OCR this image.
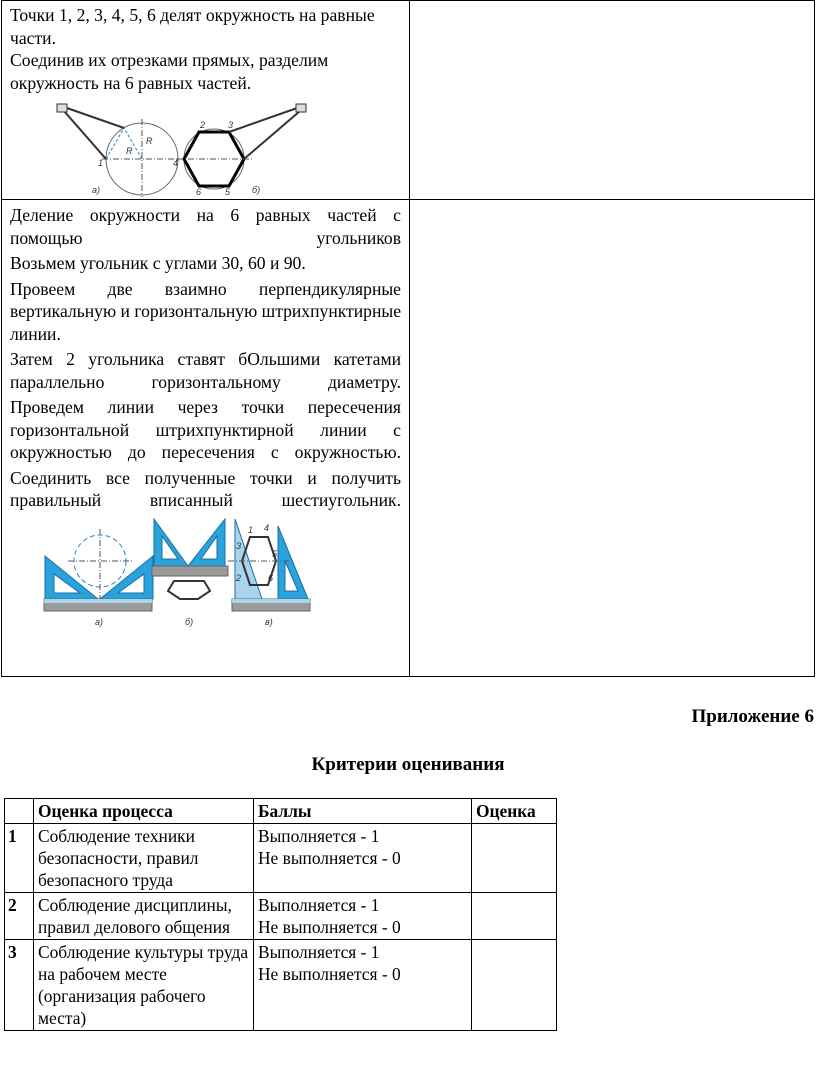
Точки 1, 2, 3, 4, 5, 6 делят окружность на равные части.

Соединив их отрезками прямых, разделим окружность на 6 равных частей.

1	4
R
R
а)
2	3
6	5 б)

Деление окружности на 6 равных частей с помощью угольников

Возьмем угольник с углами 30, 60 и 90.

Провеем две взаимно перпендикулярные вертикальную и горизонтальную штрихпунктирные линии.

Затем 2 угольника ставят бОльшими катетами параллельно горизонтальному диаметру.

Проведем линии через точки пересечения горизонтальной штрихпунктирной линии с окружностью до пересечения с окружностью.

Соединить все полученные точки и получить правильный вписанный шестиугольник.

а)	б)	в)
1
2
3
4
5
6
Приложение 6
Критерии оценивания
	Оценка процесса	Баллы	Оценка
1	Соблюдение техники безопасности, правил безопасного труда	Выполняется - 1
Не выполняется - 0	

2	Соблюдение дисциплины, правил делового общения	Выполняется - 1
Не выполняется - 0	

3	Соблюдение культуры труда на рабочем месте (организация рабочего места)	Выполняется - 1
Не выполняется - 0	
